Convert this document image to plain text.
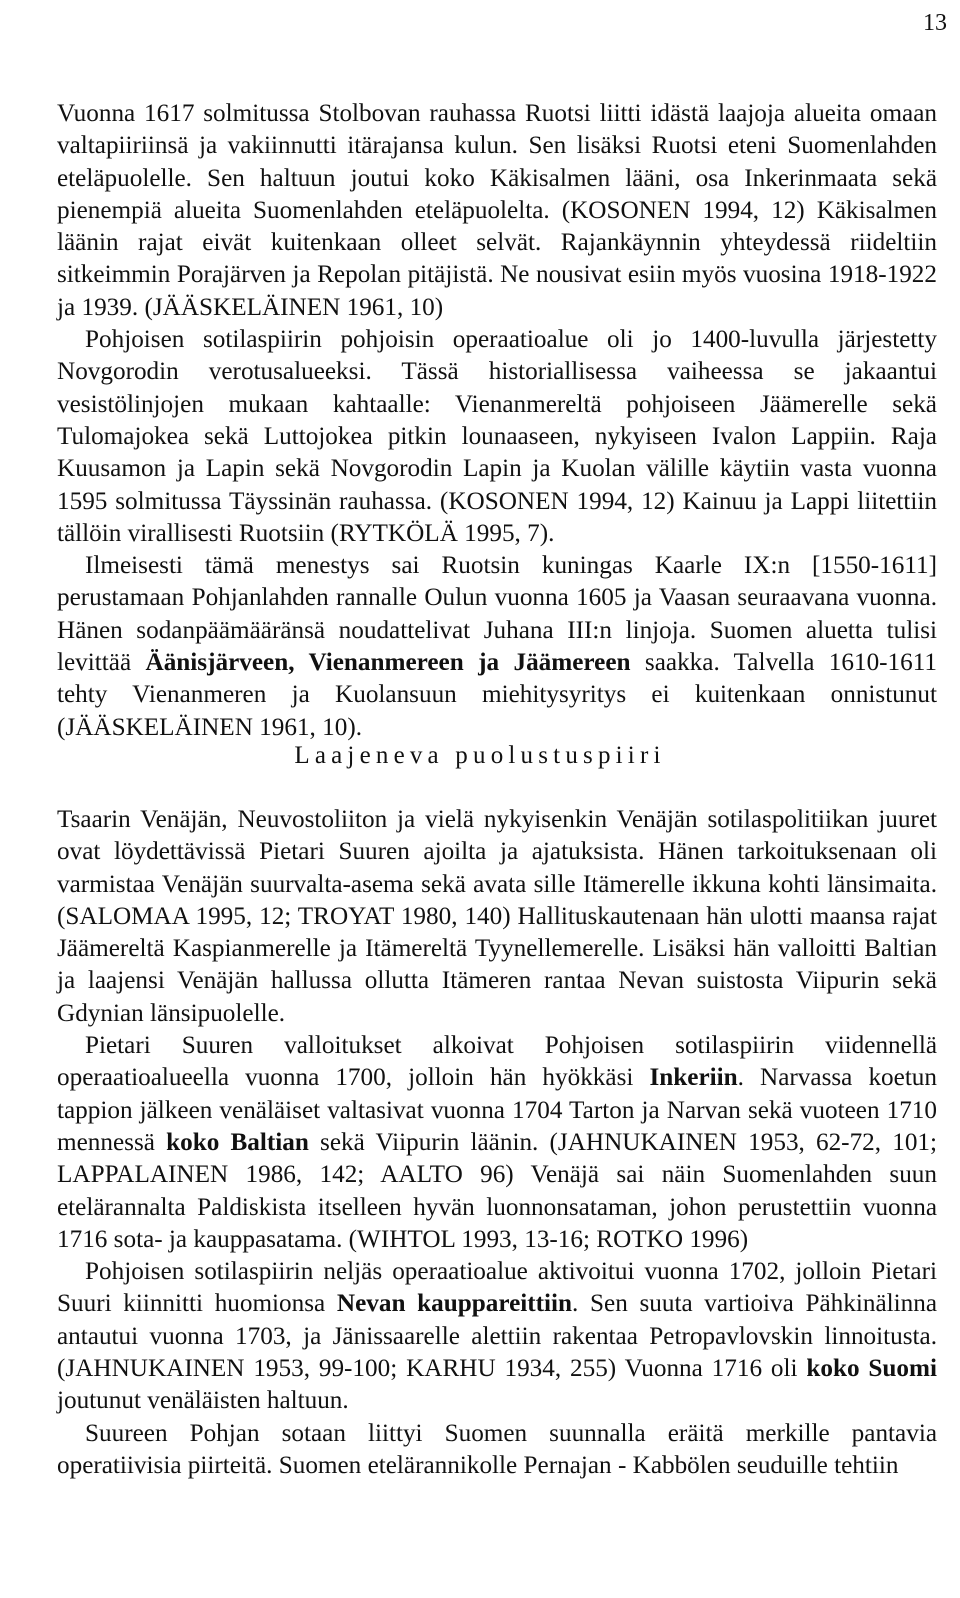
13

Vuonna 1617 solmitussa Stolbovan rauhassa Ruotsi liitti idästä laajoja alueita omaan valtapiiriinsä ja vakiinnutti itärajansa kulun. Sen lisäksi Ruotsi eteni Suomenlahden eteläpuolelle. Sen haltuun joutui koko Käkisalmen lääni, osa Inkerinmaata sekä pienempiä alueita Suomenlahden eteläpuolelta. (KOSONEN 1994, 12) Käkisalmen läänin rajat eivät kuitenkaan olleet selvät. Rajankäynnin yhteydessä riideltiin sitkeimmin Porajärven ja Repolan pitäjistä. Ne nousivat esiin myös vuosina 1918-1922 ja 1939. (JÄÄSKELÄINEN 1961, 10)

Pohjoisen sotilaspiirin pohjoisin operaatioalue oli jo 1400-luvulla järjestetty Novgorodin verotusalueeksi. Tässä historiallisessa vaiheessa se jakaantui vesistölinjojen mukaan kahtaalle: Vienanmereltä pohjoiseen Jäämerelle sekä Tulomajokea sekä Luttojokea pitkin lounaaseen, nykyiseen Ivalon Lappiin. Raja Kuusamon ja Lapin sekä Novgorodin Lapin ja Kuolan välille käytiin vasta vuonna 1595 solmitussa Täyssinän rauhassa. (KOSONEN 1994, 12) Kainuu ja Lappi liitettiin tällöin virallisesti Ruotsiin (RYTKÖLÄ 1995, 7).

Ilmeisesti tämä menestys sai Ruotsin kuningas Kaarle IX:n [1550-1611] perustamaan Pohjanlahden rannalle Oulun vuonna 1605 ja Vaasan seuraavana vuonna. Hänen sodanpäämääränsä noudattelivat Juhana III:n linjoja. Suomen aluetta tulisi levittää Äänisjärveen, Vienanmereen ja Jäämereen saakka. Talvella 1610-1611 tehty Vienanmeren ja Kuolansuun miehitysyritys ei kuitenkaan onnistunut (JÄÄSKELÄINEN 1961, 10).

Laajeneva puolustuspiiri

Tsaarin Venäjän, Neuvostoliiton ja vielä nykyisenkin Venäjän sotilaspolitiikan juuret ovat löydettävissä Pietari Suuren ajoilta ja ajatuksista. Hänen tarkoituksenaan oli varmistaa Venäjän suurvalta-asema sekä avata sille Itämerelle ikkuna kohti länsimaita. (SALOMAA 1995, 12; TROYAT 1980, 140) Hallituskautenaan hän ulotti maansa rajat Jäämereltä Kaspianmerelle ja Itämereltä Tyynellemerelle. Lisäksi hän valloitti Baltian ja laajensi Venäjän hallussa ollutta Itämeren rantaa Nevan suistosta Viipurin sekä Gdynian länsipuolelle.

Pietari Suuren valloitukset alkoivat Pohjoisen sotilaspiirin viidennellä operaatioalueella vuonna 1700, jolloin hän hyökkäsi Inkeriin. Narvassa koetun tappion jälkeen venäläiset valtasivat vuonna 1704 Tarton ja Narvan sekä vuoteen 1710 mennessä koko Baltian sekä Viipurin läänin. (JAHNUKAINEN 1953, 62-72, 101; LAPPALAINEN 1986, 142; AALTO 96) Venäjä sai näin Suomenlahden suun etelärannalta Paldiskista itselleen hyvän luonnonsataman, johon perustettiin vuonna 1716 sota- ja kauppasatama. (WIHTOL 1993, 13-16; ROTKO 1996)

Pohjoisen sotilaspiirin neljäs operaatioalue aktivoitui vuonna 1702, jolloin Pietari Suuri kiinnitti huomionsa Nevan kauppareittiin. Sen suuta vartioiva Pähkinälinna antautui vuonna 1703, ja Jänissaarelle alettiin rakentaa Petropavlovskin linnoitusta. (JAHNUKAINEN 1953, 99-100; KARHU 1934, 255) Vuonna 1716 oli koko Suomi joutunut venäläisten haltuun.

Suureen Pohjan sotaan liittyi Suomen suunnalla eräitä merkille pantavia operatiivisia piirteitä. Suomen etelärannikolle Pernajan - Kabbölen seuduille tehtiin
